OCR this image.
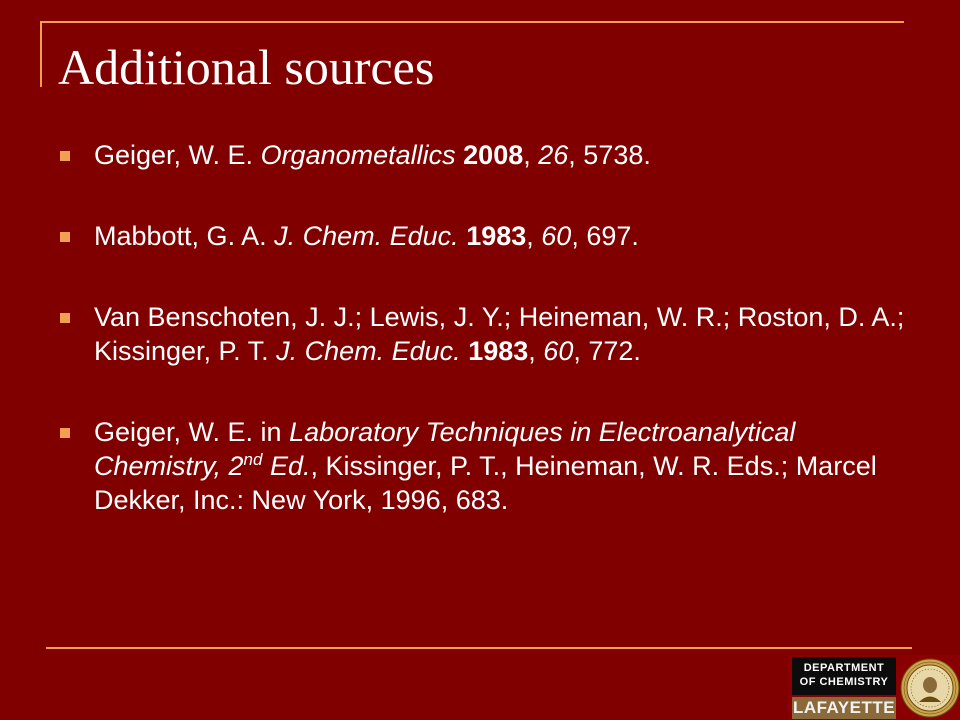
Additional sources
Geiger, W. E. Organometallics 2008, 26, 5738.
Mabbott, G. A. J. Chem. Educ. 1983, 60, 697.
Van Benschoten, J. J.; Lewis, J. Y.; Heineman, W. R.; Roston, D. A.; Kissinger, P. T. J. Chem. Educ. 1983, 60, 772.
Geiger, W. E. in Laboratory Techniques in Electroanalytical Chemistry, 2nd Ed., Kissinger, P. T., Heineman, W. R. Eds.; Marcel Dekker, Inc.: New York, 1996, 683.
DEPARTMENT
OF CHEMISTRY
LAFAYETTE
